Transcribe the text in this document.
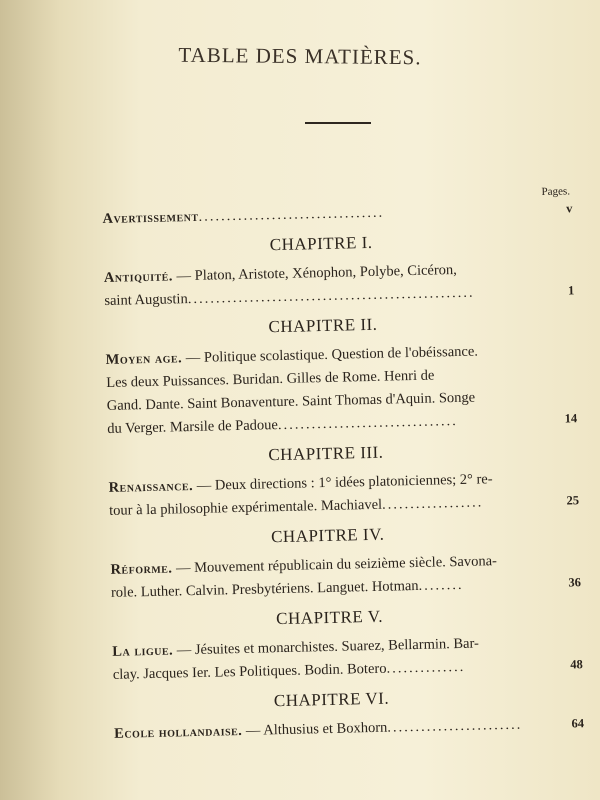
TABLE DES MATIÈRES.
Pages.
Avertissement.................................	v
CHAPITRE I.
Antiquité. — Platon, Aristote, Xénophon, Polybe, Cicéron,
saint Augustin...................................................	1
CHAPITRE II.
Moyen age. — Politique scolastique. Question de l'obéissance.
Les deux Puissances. Buridan. Gilles de Rome. Henri de
Gand. Dante. Saint Bonaventure. Saint Thomas d'Aquin. Songe
du Verger. Marsile de Padoue................................	14
CHAPITRE III.
Renaissance. — Deux directions : 1° idées platoniciennes; 2° re-
tour à la philosophie expérimentale. Machiavel..................	25
CHAPITRE IV.
Réforme. — Mouvement républicain du seizième siècle. Savona-
role. Luther. Calvin. Presbytériens. Languet. Hotman........	36
CHAPITRE V.
La ligue. — Jésuites et monarchistes. Suarez, Bellarmin. Bar-
clay. Jacques Ier. Les Politiques. Bodin. Botero..............	48
CHAPITRE VI.
Ecole hollandaise. — Althusius et Boxhorn........................	64
